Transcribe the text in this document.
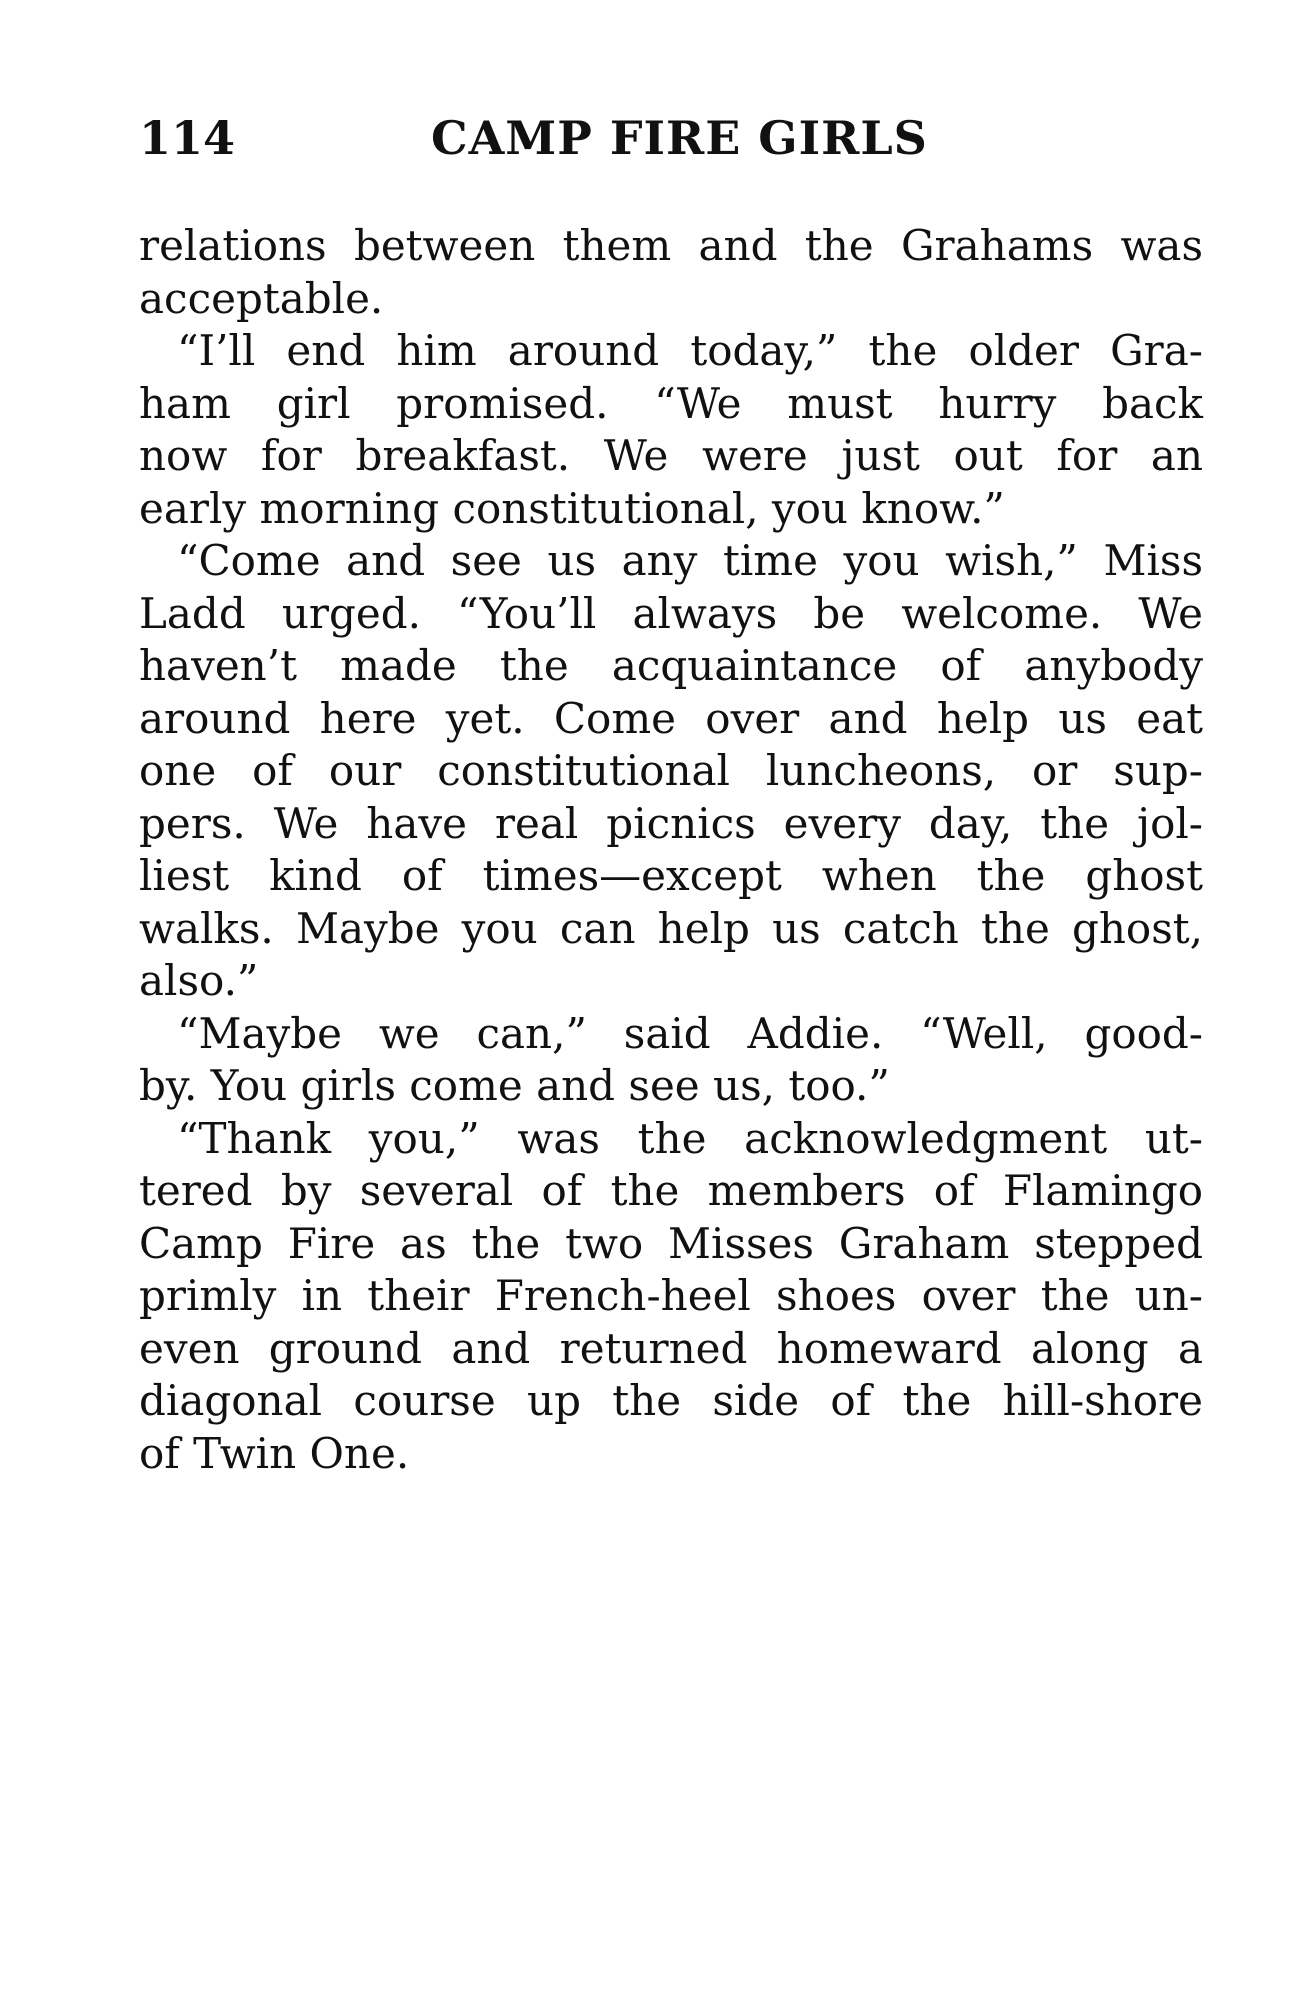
114	CAMP FIRE GIRLS
relations between them and the Grahams was
acceptable.
“I’ll end him around today,” the older Gra-
ham girl promised. “We must hurry back
now for breakfast. We were just out for an
early morning constitutional, you know.”
“Come and see us any time you wish,” Miss
Ladd urged. “You’ll always be welcome. We
haven’t made the acquaintance of anybody
around here yet. Come over and help us eat
one of our constitutional luncheons, or sup-
pers. We have real picnics every day, the jol-
liest kind of times—except when the ghost
walks. Maybe you can help us catch the ghost,
also.”
“Maybe we can,” said Addie. “Well, good-
by. You girls come and see us, too.”
“Thank you,” was the acknowledgment ut-
tered by several of the members of Flamingo
Camp Fire as the two Misses Graham stepped
primly in their French-heel shoes over the un-
even ground and returned homeward along a
diagonal course up the side of the hill-shore
of Twin One.
